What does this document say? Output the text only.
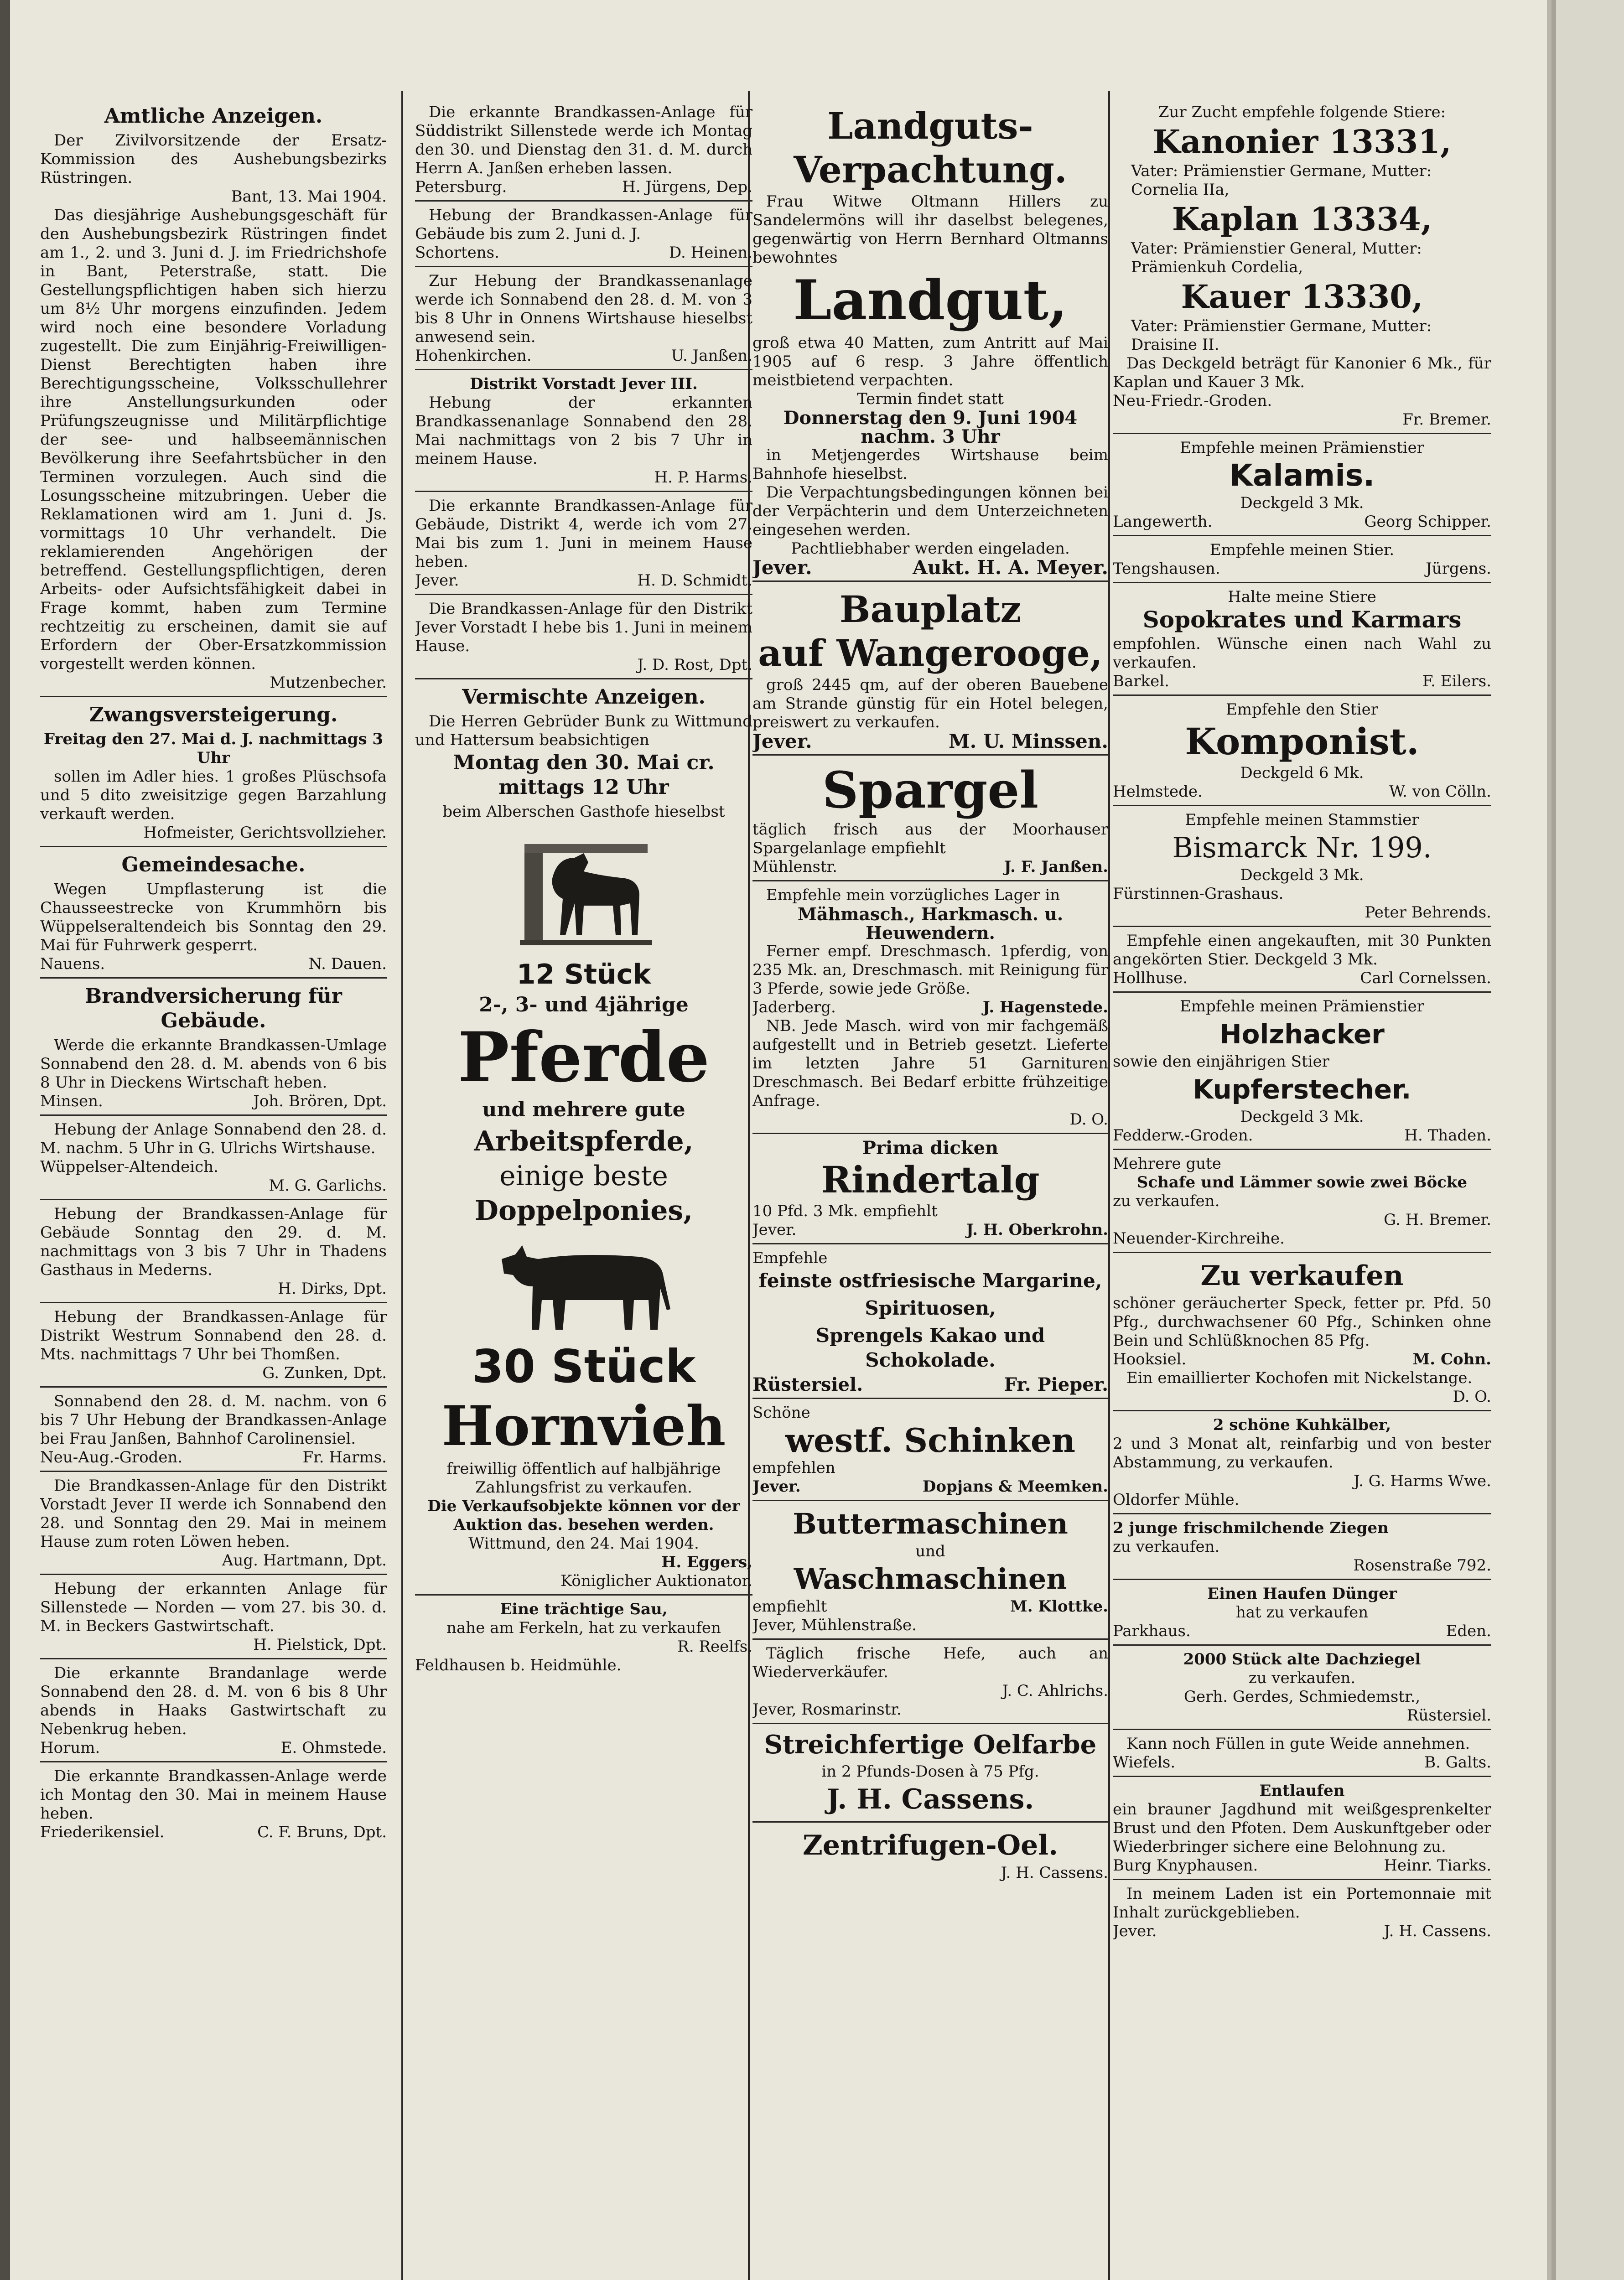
Amtliche Anzeigen.

Der Zivilvorsitzende der Ersatz-Kommission des Aushebungsbezirks Rüstringen.

Bant, 13. Mai 1904.

Das diesjährige Aushebungsgeschäft für den Aushebungsbezirk Rüstringen findet am 1., 2. und 3. Juni d. J. im Friedrichshofe in Bant, Peterstraße, statt. Die Gestellungspflichtigen haben sich hierzu um 8½ Uhr morgens einzufinden. Jedem wird noch eine besondere Vorladung zugestellt. Die zum Einjährig-Freiwilligen-Dienst Berechtigten haben ihre Berechtigungsscheine, Volksschullehrer ihre Anstellungsurkunden oder Prüfungszeugnisse und Militärpflichtige der see- und halbseemännischen Bevölkerung ihre Seefahrtsbücher in den Terminen vorzulegen. Auch sind die Losungsscheine mitzubringen. Ueber die Reklamationen wird am 1. Juni d. Js. vormittags 10 Uhr verhandelt. Die reklamierenden Angehörigen der betreffend. Gestellungspflichtigen, deren Arbeits- oder Aufsichtsfähigkeit dabei in Frage kommt, haben zum Termine rechtzeitig zu erscheinen, damit sie auf Erfordern der Ober-Ersatzkommission vorgestellt werden können.

Mutzenbecher.
Zwangsversteigerung.
Freitag den 27. Mai d. J. nachmittags 3 Uhr

sollen im Adler hies. 1 großes Plüschsofa und 5 dito zweisitzige gegen Barzahlung verkauft werden.

Hofmeister, Gerichtsvollzieher.
Gemeindesache.

Wegen Umpflasterung ist die Chausseestrecke von Krummhörn bis Wüppelseraltendeich bis Sonntag den 29. Mai für Fuhrwerk gesperrt.

Nauens.	N. Dauen.
Brandversicherung für Gebäude.

Werde die erkannte Brandkassen-Umlage Sonnabend den 28. d. M. abends von 6 bis 8 Uhr in Dieckens Wirtschaft heben.

Minsen.	Joh. Brören, Dpt.

Hebung der Anlage Sonnabend den 28. d. M. nachm. 5 Uhr in G. Ulrichs Wirtshause.

Wüppelser-Altendeich.
M. G. Garlichs.

Hebung der Brandkassen-Anlage für Gebäude Sonntag den 29. d. M. nachmittags von 3 bis 7 Uhr in Thadens Gasthaus in Mederns.

H. Dirks, Dpt.

Hebung der Brandkassen-Anlage für Distrikt Westrum Sonnabend den 28. d. Mts. nachmittags 7 Uhr bei Thomßen.

G. Zunken, Dpt.

Sonnabend den 28. d. M. nachm. von 6 bis 7 Uhr Hebung der Brandkassen-Anlage bei Frau Janßen, Bahnhof Carolinensiel.

Neu-Aug.-Groden.	Fr. Harms.

Die Brandkassen-Anlage für den Distrikt Vorstadt Jever II werde ich Sonnabend den 28. und Sonntag den 29. Mai in meinem Hause zum roten Löwen heben.

Aug. Hartmann, Dpt.

Hebung der erkannten Anlage für Sillenstede — Norden — vom 27. bis 30. d. M. in Beckers Gastwirtschaft.

H. Pielstick, Dpt.

Die erkannte Brandanlage werde Sonnabend den 28. d. M. von 6 bis 8 Uhr abends in Haaks Gastwirtschaft zu Nebenkrug heben.

Horum.	E. Ohmstede.

Die erkannte Brandkassen-Anlage werde ich Montag den 30. Mai in meinem Hause heben.

Friederikensiel.	C. F. Bruns, Dpt.

Die erkannte Brandkassen-Anlage für Süddistrikt Sillenstede werde ich Montag den 30. und Dienstag den 31. d. M. durch Herrn A. Janßen erheben lassen.

Petersburg.	H. Jürgens, Dep.

Hebung der Brandkassen-Anlage für Gebäude bis zum 2. Juni d. J.

Schortens.	D. Heinen.

Zur Hebung der Brandkassenanlage werde ich Sonnabend den 28. d. M. von 3 bis 8 Uhr in Onnens Wirtshause hieselbst anwesend sein.

Hohenkirchen.	U. Janßen.
Distrikt Vorstadt Jever III.

Hebung der erkannten Brandkassenanlage Sonnabend den 28. Mai nachmittags von 2 bis 7 Uhr in meinem Hause.

H. P. Harms.

Die erkannte Brandkassen-Anlage für Gebäude, Distrikt 4, werde ich vom 27. Mai bis zum 1. Juni in meinem Hause heben.

Jever.	H. D. Schmidt.

Die Brandkassen-Anlage für den Distrikt Jever Vorstadt I hebe bis 1. Juni in meinem Hause.

J. D. Rost, Dpt.
Vermischte Anzeigen.

Die Herren Gebrüder Bunk zu Wittmund und Hattersum beabsichtigen

Montag den 30. Mai cr. mittags 12 Uhr
beim Alberschen Gasthofe hieselbst
12 Stück
2-, 3- und 4jährige
Pferde
und mehrere gute
Arbeitspferde,
einige beste
Doppelponies,
30 Stück
Hornvieh

freiwillig öffentlich auf halbjährige Zahlungsfrist zu verkaufen.

Die Verkaufsobjekte können vor der Auktion das. besehen werden.

Wittmund, den 24. Mai 1904.
H. Eggers,
Königlicher Auktionator.
Eine trächtige Sau,
nahe am Ferkeln, hat zu verkaufen
R. Reelfs.
Feldhausen b. Heidmühle.
Landguts-
Verpachtung.

Frau Witwe Oltmann Hillers zu Sandelermöns will ihr daselbst belegenes, gegenwärtig von Herrn Bernhard Oltmanns bewohntes

Landgut,

groß etwa 40 Matten, zum Antritt auf Mai 1905 auf 6 resp. 3 Jahre öffentlich meistbietend verpachten.

Termin findet statt
Donnerstag den 9. Juni 1904 nachm. 3 Uhr

in Metjengerdes Wirtshause beim Bahnhofe hieselbst.

Die Verpachtungsbedingungen können bei der Verpächterin und dem Unterzeichneten eingesehen werden.

Pachtliebhaber werden eingeladen.
Jever.	Aukt. H. A. Meyer.
Bauplatz
auf Wangerooge,

groß 2445 qm, auf der oberen Bauebene am Strande günstig für ein Hotel belegen, preiswert zu verkaufen.

Jever.	M. U. Minssen.
Spargel

täglich frisch aus der Moorhauser Spargelanlage empfiehlt

Mühlenstr.	J. F. Janßen.

Empfehle mein vorzügliches Lager in

Mähmasch., Harkmasch. u. Heuwendern.

Ferner empf. Dreschmasch. 1pferdig, von 235 Mk. an, Dreschmasch. mit Reinigung für 3 Pferde, sowie jede Größe.

Jaderberg.	J. Hagenstede.

NB. Jede Masch. wird von mir fachgemäß aufgestellt und in Betrieb gesetzt. Lieferte im letzten Jahre 51 Garnituren Dreschmasch. Bei Bedarf erbitte frühzeitige Anfrage.

D. O.
Prima dicken
Rindertalg
10 Pfd. 3 Mk. empfiehlt
Jever.	J. H. Oberkrohn.
Empfehle
feinste ostfriesische Margarine,
Spirituosen,
Sprengels Kakao und Schokolade.
Rüstersiel.	Fr. Pieper.
Schöne
westf. Schinken
empfehlen
Jever.	Dopjans & Meemken.
Buttermaschinen
und
Waschmaschinen
empfiehlt	M. Klottke.
Jever, Mühlenstraße.

Täglich frische Hefe, auch an Wiederverkäufer.

J. C. Ahlrichs.
Jever, Rosmarinstr.
Streichfertige Oelfarbe
in 2 Pfunds-Dosen à 75 Pfg.
J. H. Cassens.
Zentrifugen-Oel.
J. H. Cassens.
Zur Zucht empfehle folgende Stiere:
Kanonier 13331,
Vater: Prämienstier Germane, Mutter: Cornelia IIa,
Kaplan 13334,
Vater: Prämienstier General, Mutter: Prämienkuh Cordelia,
Kauer 13330,
Vater: Prämienstier Germane, Mutter: Draisine II.

Das Deckgeld beträgt für Kanonier 6 Mk., für Kaplan und Kauer 3 Mk.

Neu-Friedr.-Groden.
Fr. Bremer.
Empfehle meinen Prämienstier
Kalamis.
Deckgeld 3 Mk.
Langewerth.	Georg Schipper.
Empfehle meinen Stier.
Tengshausen.	Jürgens.
Halte meine Stiere
Sopokrates und Karmars

empfohlen. Wünsche einen nach Wahl zu verkaufen.

Barkel.	F. Eilers.
Empfehle den Stier
Komponist.
Deckgeld 6 Mk.
Helmstede.	W. von Cölln.
Empfehle meinen Stammstier
Bismarck Nr. 199.
Deckgeld 3 Mk.
Fürstinnen-Grashaus.
Peter Behrends.

Empfehle einen angekauften, mit 30 Punkten angekörten Stier. Deckgeld 3 Mk.

Hollhuse.	Carl Cornelssen.
Empfehle meinen Prämienstier
Holzhacker
sowie den einjährigen Stier
Kupferstecher.
Deckgeld 3 Mk.
Fedderw.-Groden.	H. Thaden.
Mehrere gute
Schafe und Lämmer sowie zwei Böcke
zu verkaufen.
G. H. Bremer.
Neuender-Kirchreihe.
Zu verkaufen

schöner geräucherter Speck, fetter pr. Pfd. 50 Pfg., durchwachsener 60 Pfg., Schinken ohne Bein und Schlüßknochen 85 Pfg.

Hooksiel.	M. Cohn.

Ein emaillierter Kochofen mit Nickelstange.

D. O.
2 schöne Kuhkälber,

2 und 3 Monat alt, reinfarbig und von bester Abstammung, zu verkaufen.

J. G. Harms Wwe.
Oldorfer Mühle.
2 junge frischmilchende Ziegen
zu verkaufen.
Rosenstraße 792.
Einen Haufen Dünger
hat zu verkaufen
Parkhaus.	Eden.
2000 Stück alte Dachziegel
zu verkaufen.
Gerh. Gerdes, Schmiedemstr.,
Rüstersiel.

Kann noch Füllen in gute Weide annehmen.

Wiefels.	B. Galts.
Entlaufen

ein brauner Jagdhund mit weißgesprenkelter Brust und den Pfoten. Dem Auskunftgeber oder Wiederbringer sichere eine Belohnung zu.

Burg Knyphausen.	Heinr. Tiarks.

In meinem Laden ist ein Portemonnaie mit Inhalt zurückgeblieben.

Jever.	J. H. Cassens.
